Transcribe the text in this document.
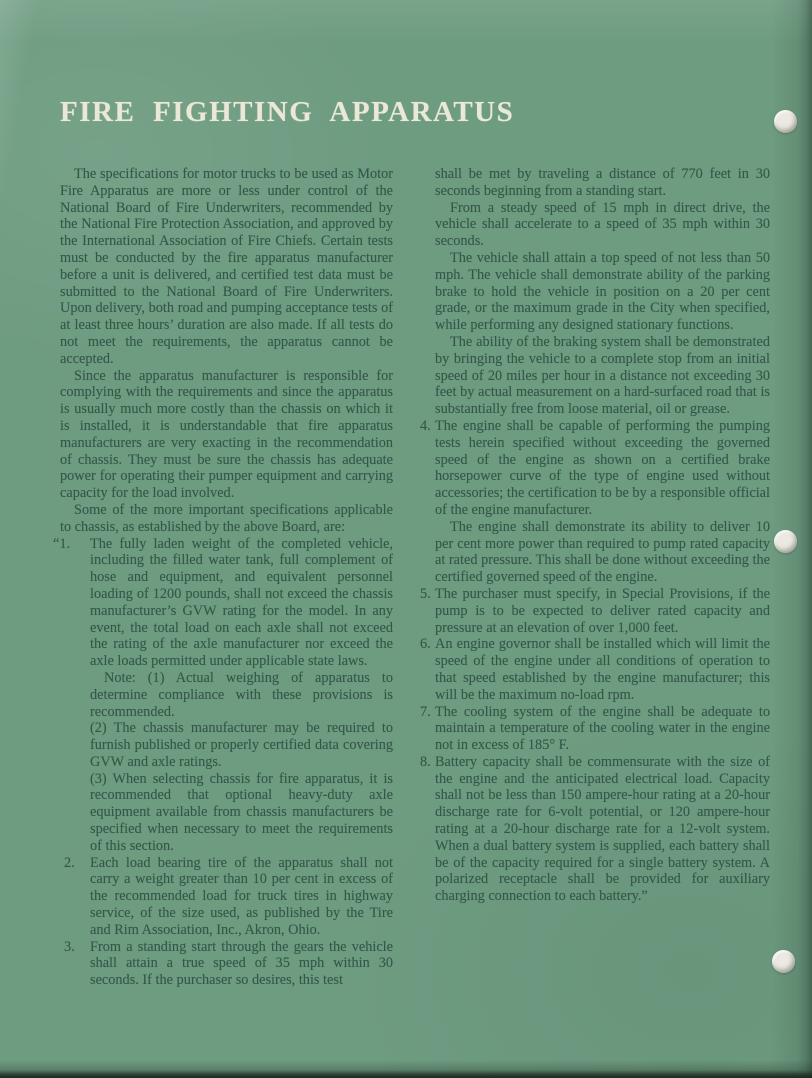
FIRE FIGHTING APPARATUS

The specifications for motor trucks to be used as Motor Fire Apparatus are more or less under control of the National Board of Fire Underwriters, recommended by the National Fire Protection Association, and approved by the International Association of Fire Chiefs. Certain tests must be conducted by the fire apparatus manufacturer before a unit is delivered, and certified test data must be submitted to the National Board of Fire Underwriters. Upon delivery, both road and pumping acceptance tests of at least three hours’ duration are also made. If all tests do not meet the requirements, the apparatus cannot be accepted.

Since the apparatus manufacturer is responsible for complying with the requirements and since the apparatus is usually much more costly than the chassis on which it is installed, it is understandable that fire apparatus manufacturers are very exacting in the recommendation of chassis. They must be sure the chassis has adequate power for operating their pumper equipment and carrying capacity for the load involved.

Some of the more important specifications applicable to chassis, as established by the above Board, are:

“1. The fully laden weight of the completed vehicle, including the filled water tank, full complement of hose and equipment, and equivalent personnel loading of 1200 pounds, shall not exceed the chassis manufacturer’s GVW rating for the model. In any event, the total load on each axle shall not exceed the rating of the axle manufacturer nor exceed the axle loads permitted under applicable state laws.

Note: (1) Actual weighing of apparatus to determine compliance with these provisions is recommended.

(2) The chassis manufacturer may be required to furnish published or properly certified data covering GVW and axle ratings.

(3) When selecting chassis for fire apparatus, it is recommended that optional heavy-duty axle equipment available from chassis manufacturers be specified when necessary to meet the requirements of this section.

2. Each load bearing tire of the apparatus shall not carry a weight greater than 10 per cent in excess of the recommended load for truck tires in highway service, of the size used, as published by the Tire and Rim Association, Inc., Akron, Ohio.

3. From a standing start through the gears the vehicle shall attain a true speed of 35 mph within 30 seconds. If the purchaser so desires, this test

shall be met by traveling a distance of 770 feet in 30 seconds beginning from a standing start.

From a steady speed of 15 mph in direct drive, the vehicle shall accelerate to a speed of 35 mph within 30 seconds.

The vehicle shall attain a top speed of not less than 50 mph. The vehicle shall demonstrate ability of the parking brake to hold the vehicle in position on a 20 per cent grade, or the maximum grade in the City when specified, while performing any designed stationary functions.

The ability of the braking system shall be demonstrated by bringing the vehicle to a complete stop from an initial speed of 20 miles per hour in a distance not exceeding 30 feet by actual measurement on a hard-surfaced road that is substantially free from loose material, oil or grease.

4. The engine shall be capable of performing the pumping tests herein specified without exceeding the governed speed of the engine as shown on a certified brake horsepower curve of the type of engine used without accessories; the certification to be by a responsible official of the engine manufacturer.

The engine shall demonstrate its ability to deliver 10 per cent more power than required to pump rated capacity at rated pressure. This shall be done without exceeding the certified governed speed of the engine.

5. The purchaser must specify, in Special Provisions, if the pump is to be expected to deliver rated capacity and pressure at an elevation of over 1,000 feet.

6. An engine governor shall be installed which will limit the speed of the engine under all conditions of operation to that speed established by the engine manufacturer; this will be the maximum no-load rpm.

7. The cooling system of the engine shall be adequate to maintain a temperature of the cooling water in the engine not in excess of 185° F.

8. Battery capacity shall be commensurate with the size of the engine and the anticipated electrical load. Capacity shall not be less than 150 ampere-hour rating at a 20-hour discharge rate for 6-volt potential, or 120 ampere-hour rating at a 20-hour discharge rate for a 12-volt system. When a dual battery system is supplied, each battery shall be of the capacity required for a single battery system. A polarized receptacle shall be provided for auxiliary charging connection to each battery.”
